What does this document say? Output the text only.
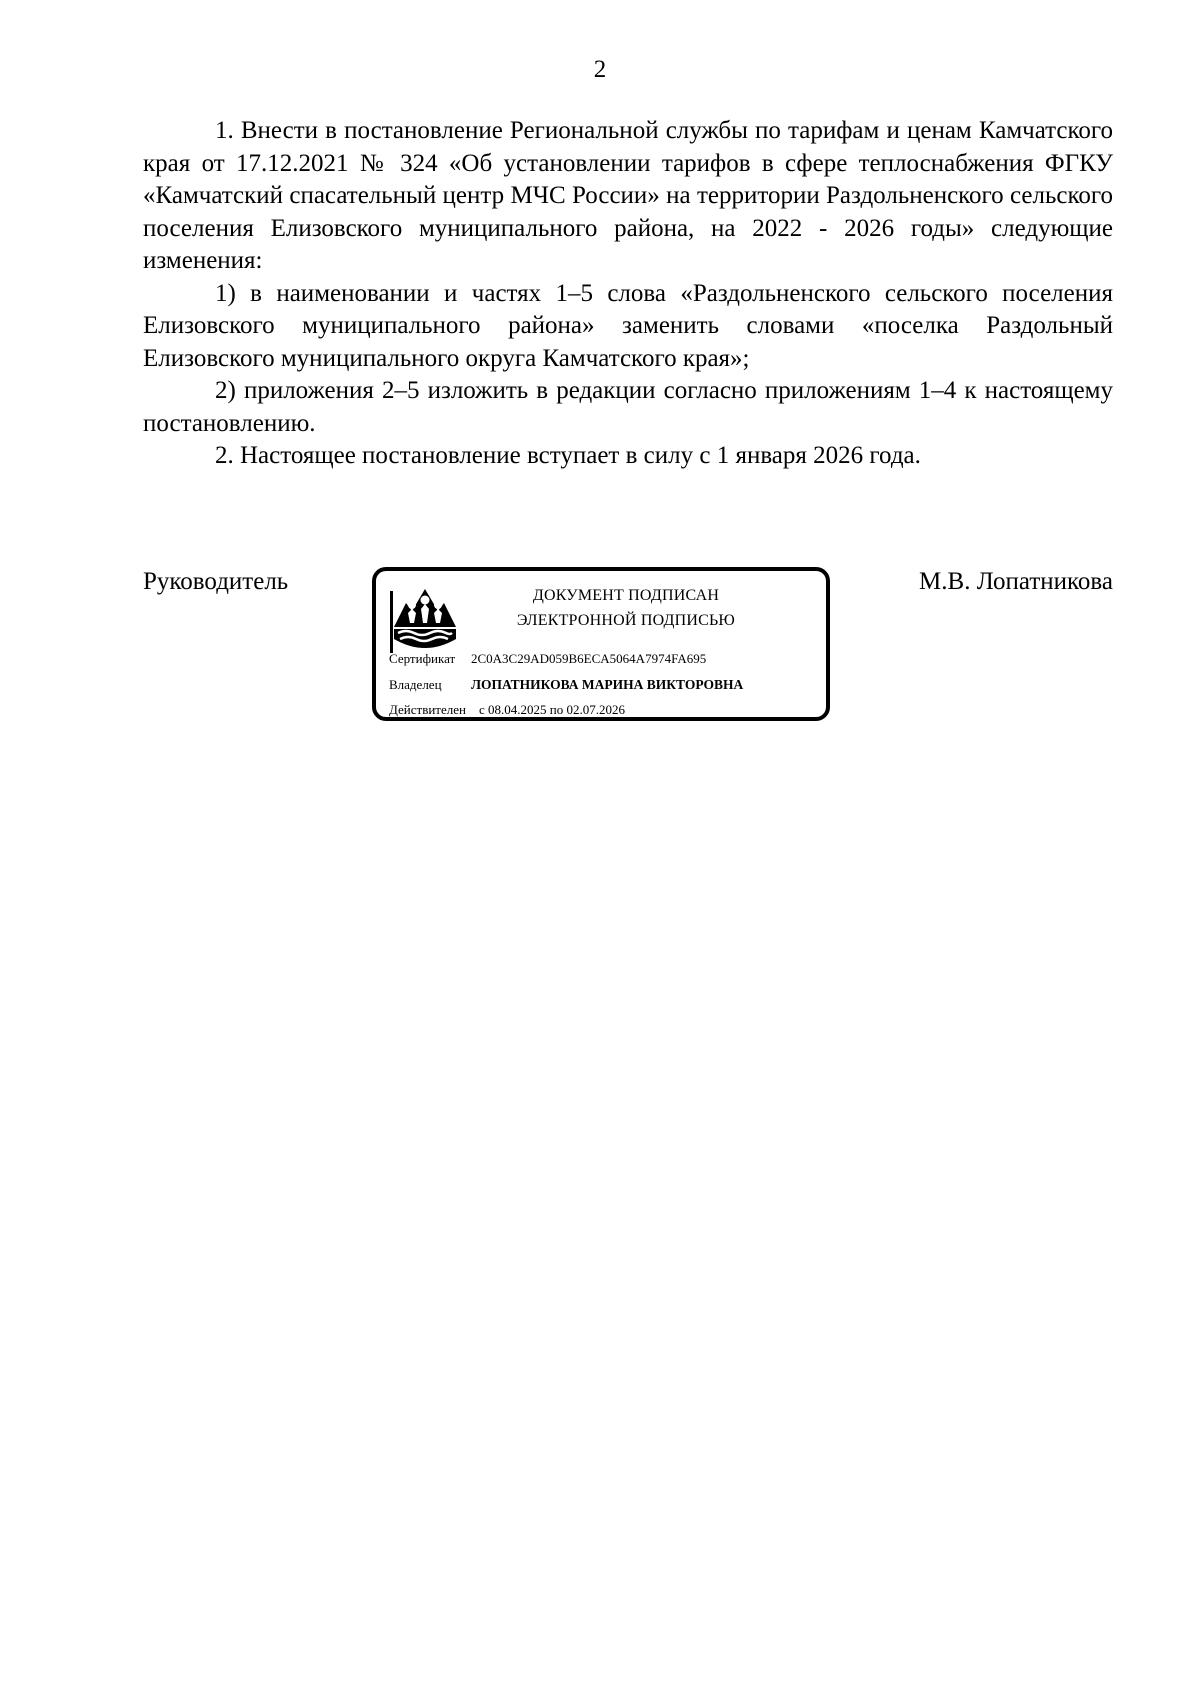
2

1. Внести в постановление Региональной службы по тарифам и ценам Камчатского края от 17.12.2021 № 324 «Об установлении тарифов в сфере теплоснабжения ФГКУ «Камчатский спасательный центр МЧС России» на территории Раздольненского сельского поселения Елизовского муниципального района, на 2022 - 2026 годы» следующие изменения:

1) в наименовании и частях 1–5 слова «Раздольненского сельского поселения Елизовского муниципального района» заменить словами «поселка Раздольный Елизовского муниципального округа Камчатского края»;

2) приложения 2–5 изложить в редакции согласно приложениям 1–4 к настоящему постановлению.

2. Настоящее постановление вступает в силу с 1 января 2026 года.

Руководитель	М.В. Лопатникова
ДОКУМЕНТ ПОДПИСАН
ЭЛЕКТРОННОЙ ПОДПИСЬЮ
Сертификат 2C0A3C29AD059B6ECA5064A7974FA695
Владелец ЛОПАТНИКОВА МАРИНА ВИКТОРОВНА
Действителен с 08.04.2025 по 02.07.2026
